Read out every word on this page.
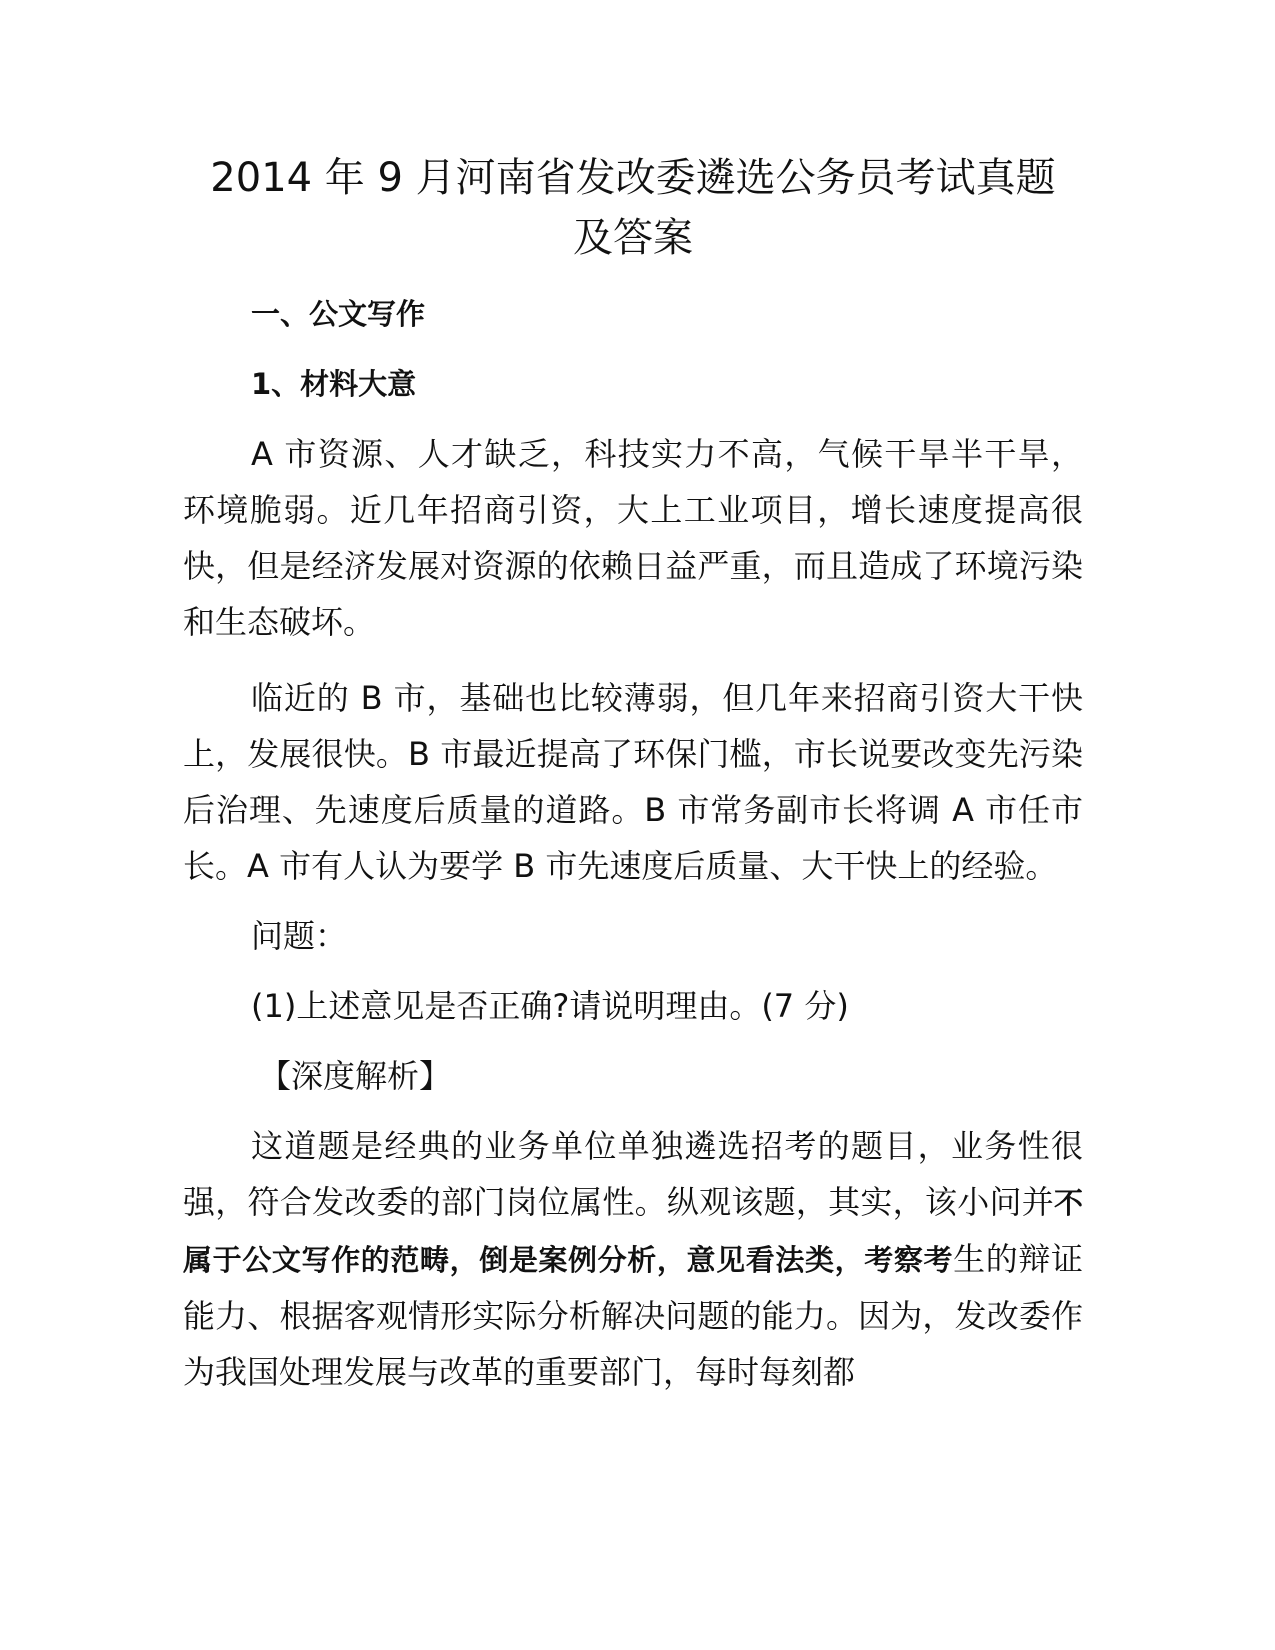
2014 年 9 月河南省发改委遴选公务员考试真题
及答案

一、公文写作

1、材料大意

A 市资源、人才缺乏，科技实力不高，气候干旱半干旱，环境脆弱。近几年招商引资，大上工业项目，增长速度提高很快，但是经济发展对资源的依赖日益严重，而且造成了环境污染和生态破坏。

临近的 B 市，基础也比较薄弱，但几年来招商引资大干快上，发展很快。B 市最近提高了环保门槛，市长说要改变先污染后治理、先速度后质量的道路。B 市常务副市长将调 A 市任市长。A 市有人认为要学 B 市先速度后质量、大干快上的经验。

问题：

(1)上述意见是否正确?请说明理由。(7 分)

【深度解析】

这道题是经典的业务单位单独遴选招考的题目，业务性很强，符合发改委的部门岗位属性。纵观该题，其实，该小问并不属于公文写作的范畴，倒是案例分析，意见看法类，考察考生的辩证能力、根据客观情形实际分析解决问题的能力。因为，发改委作为我国处理发展与改革的重要部门，每时每刻都
